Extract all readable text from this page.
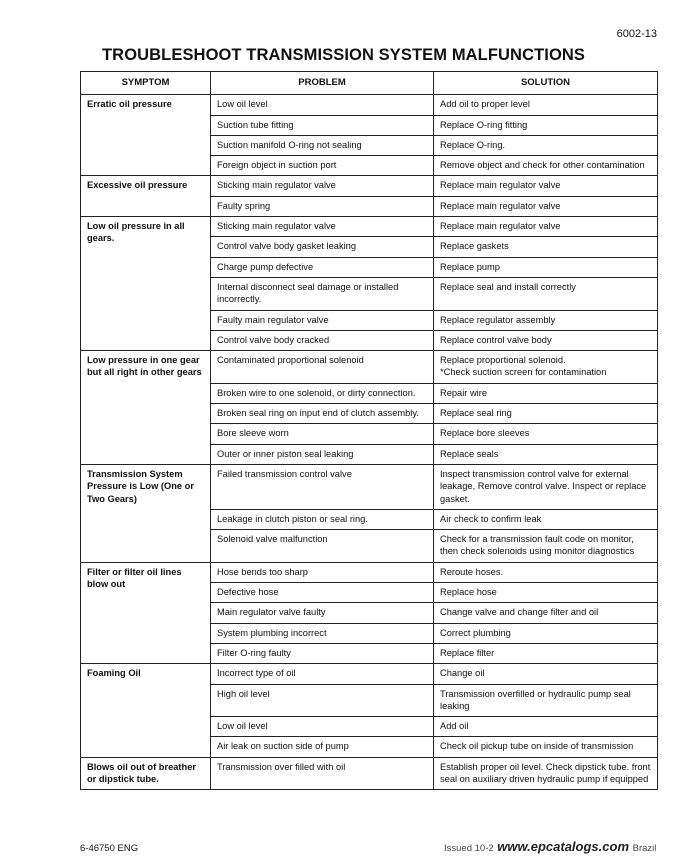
6002-13
TROUBLESHOOT TRANSMISSION SYSTEM MALFUNCTIONS
SYMPTOM	PROBLEM	SOLUTION
Erratic oil pressure	Low oil level	Add oil to proper level
	Suction tube fitting	Replace O-ring fitting
	Suction manifold O-ring not sealing	Replace O-ring.
	Foreign object in suction port	Remove object and check for other contamination
Excessive oil pressure	Sticking main regulator valve	Replace main regulator valve
	Faulty spring	Replace main regulator valve
Low oil pressure in all gears.	Sticking main regulator valve	Replace main regulator valve
	Control valve body gasket leaking	Replace gaskets
	Charge pump defective	Replace pump
	Internal disconnect seal damage or installed incorrectly.	Replace seal and install correctly
	Faulty main regulator valve	Replace regulator assembly
	Control valve body cracked	Replace control valve body
Low pressure in one gear but all right in other gears	Contaminated proportional solenoid	Replace proportional solenoid.
*Check suction screen for contamination
	Broken wire to one solenoid, or dirty connection.	Repair wire
	Broken seal ring on input end of clutch assembly.	Replace seal ring
	Bore sleeve worn	Replace bore sleeves
	Outer or inner piston seal leaking	Replace seals
Transmission System Pressure is Low (One or Two Gears)	Failed transmission control valve	Inspect transmission control valve for external leakage, Remove control valve. Inspect or replace gasket.
	Leakage in clutch piston or seal ring.	Air check to confirm leak
	Solenoid valve malfunction	Check for a transmission fault code on monitor, then check solenoids using monitor diagnostics
Filter or filter oil lines blow out	Hose bends too sharp	Reroute hoses.
	Defective hose	Replace hose
	Main regulator valve faulty	Change valve and change filter and oil
	System plumbing incorrect	Correct plumbing
	Filter O-ring faulty	Replace filter
Foaming Oil	Incorrect type of oil	Change oil
	High oil level	Transmission overfilled or hydraulic pump seal leaking
	Low oil level	Add oil
	Air leak on suction side of pump	Check oil pickup tube on inside of transmission
Blows oil out of breather or dipstick tube.	Transmission over filled with oil	Establish proper oil level. Check dipstick tube. front seal on auxiliary driven hydraulic pump if equipped
6-46750 ENG	Issued 10-2 www.epcatalogs.com Brazil
